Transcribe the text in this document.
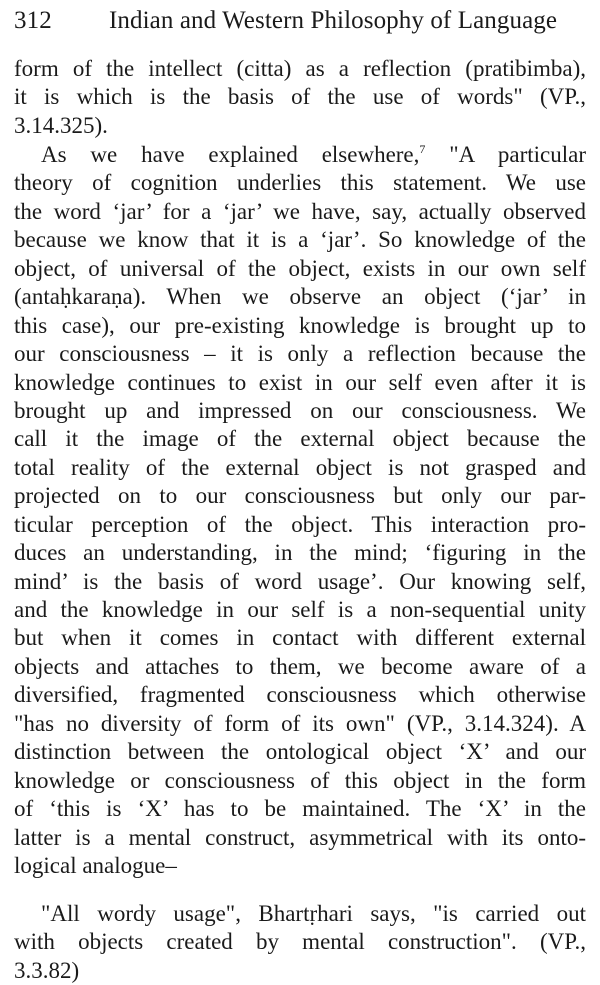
312 Indian and Western Philosophy of Language
form of the intellect (citta) as a reflection (pratibimba),
it is which is the basis of the use of words" (VP.,
3.14.325).
As we have explained elsewhere,$^7$ "A particular
theory of cognition underlies this statement. We use
the word ‘jar’ for a ‘jar’ we have, say, actually observed
because we know that it is a ‘jar’. So knowledge of the
object, of universal of the object, exists in our own self
(antaḥkaraṇa). When we observe an object (‘jar’ in
this case), our pre-existing knowledge is brought up to
our consciousness – it is only a reflection because the
knowledge continues to exist in our self even after it is
brought up and impressed on our consciousness. We
call it the image of the external object because the
total reality of the external object is not grasped and
projected on to our consciousness but only our par-
ticular perception of the object. This interaction pro-
duces an understanding, in the mind; ‘figuring in the
mind’ is the basis of word usage’. Our knowing self,
and the knowledge in our self is a non-sequential unity
but when it comes in contact with different external
objects and attaches to them, we become aware of a
diversified, fragmented consciousness which otherwise
"has no diversity of form of its own" (VP., 3.14.324). A
distinction between the ontological object ‘X’ and our
knowledge or consciousness of this object in the form
of ‘this is ‘X’ has to be maintained. The ‘X’ in the
latter is a mental construct, asymmetrical with its onto-
logical analogue–
"All wordy usage", Bhartṛhari says, "is carried out
with objects created by mental construction". (VP.,
3.3.82)
